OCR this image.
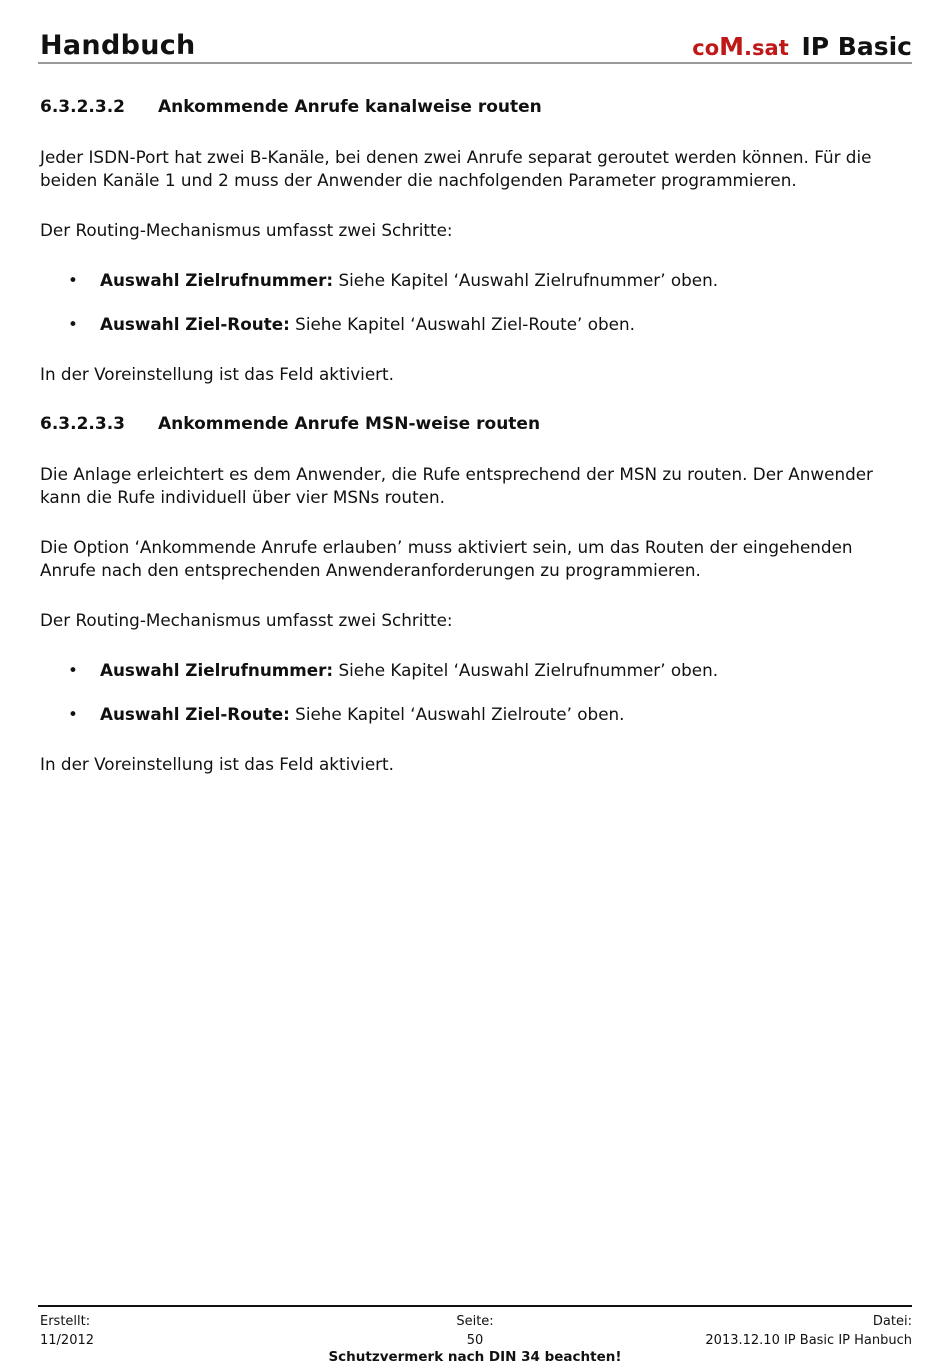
Handbuch	coM.sat IP Basic
6.3.2.3.2 Ankommende Anrufe kanalweise routen

Jeder ISDN-Port hat zwei B-Kanäle, bei denen zwei Anrufe separat geroutet werden können. Für die beiden Kanäle 1 und 2 muss der Anwender die nachfolgenden Parameter programmieren.

Der Routing-Mechanismus umfasst zwei Schritte:

• Auswahl Zielrufnummer: Siehe Kapitel ‘Auswahl Zielrufnummer’ oben.
• Auswahl Ziel-Route: Siehe Kapitel ‘Auswahl Ziel-Route’ oben.

In der Voreinstellung ist das Feld aktiviert.

6.3.2.3.3 Ankommende Anrufe MSN-weise routen

Die Anlage erleichtert es dem Anwender, die Rufe entsprechend der MSN zu routen. Der Anwender kann die Rufe individuell über vier MSNs routen.

Die Option ‘Ankommende Anrufe erlauben’ muss aktiviert sein, um das Routen der eingehenden Anrufe nach den entsprechenden Anwenderanforderungen zu programmieren.

Der Routing-Mechanismus umfasst zwei Schritte:

• Auswahl Zielrufnummer: Siehe Kapitel ‘Auswahl Zielrufnummer’ oben.
• Auswahl Ziel-Route: Siehe Kapitel ‘Auswahl Zielroute’ oben.

In der Voreinstellung ist das Feld aktiviert.

Erstellt:
11/2012
Seite:
50
Datei:
2013.12.10 IP Basic IP Hanbuch
Schutzvermerk nach DIN 34 beachten!
